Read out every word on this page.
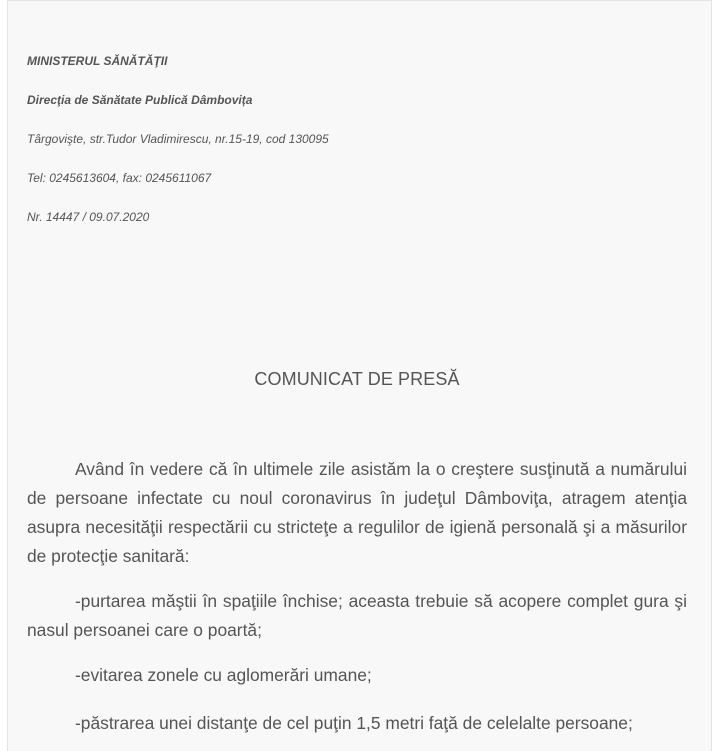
MINISTERUL SĂNĂTĂŢII

Direcţia de Sănătate Publică Dâmbovița

Târgovişte, str.Tudor Vladimirescu, nr.15-19, cod 130095

Tel: 0245613604, fax: 0245611067

Nr. 14447 / 09.07.2020

COMUNICAT DE PRESĂ

Având în vedere că în ultimele zile asistăm la o creştere susţinută a numărului de persoane infectate cu noul coronavirus în judeţul Dâmboviţa, atragem atenţia asupra necesităţii respectării cu stricteţe a regulilor de igienă personală şi a măsurilor de protecţie sanitară:

-purtarea măştii în spaţiile închise; aceasta trebuie să acopere complet gura şi nasul persoanei care o poartă;

-evitarea zonele cu aglomerări umane;

-păstrarea unei distanţe de cel puţin 1,5 metri faţă de celelalte persoane;
